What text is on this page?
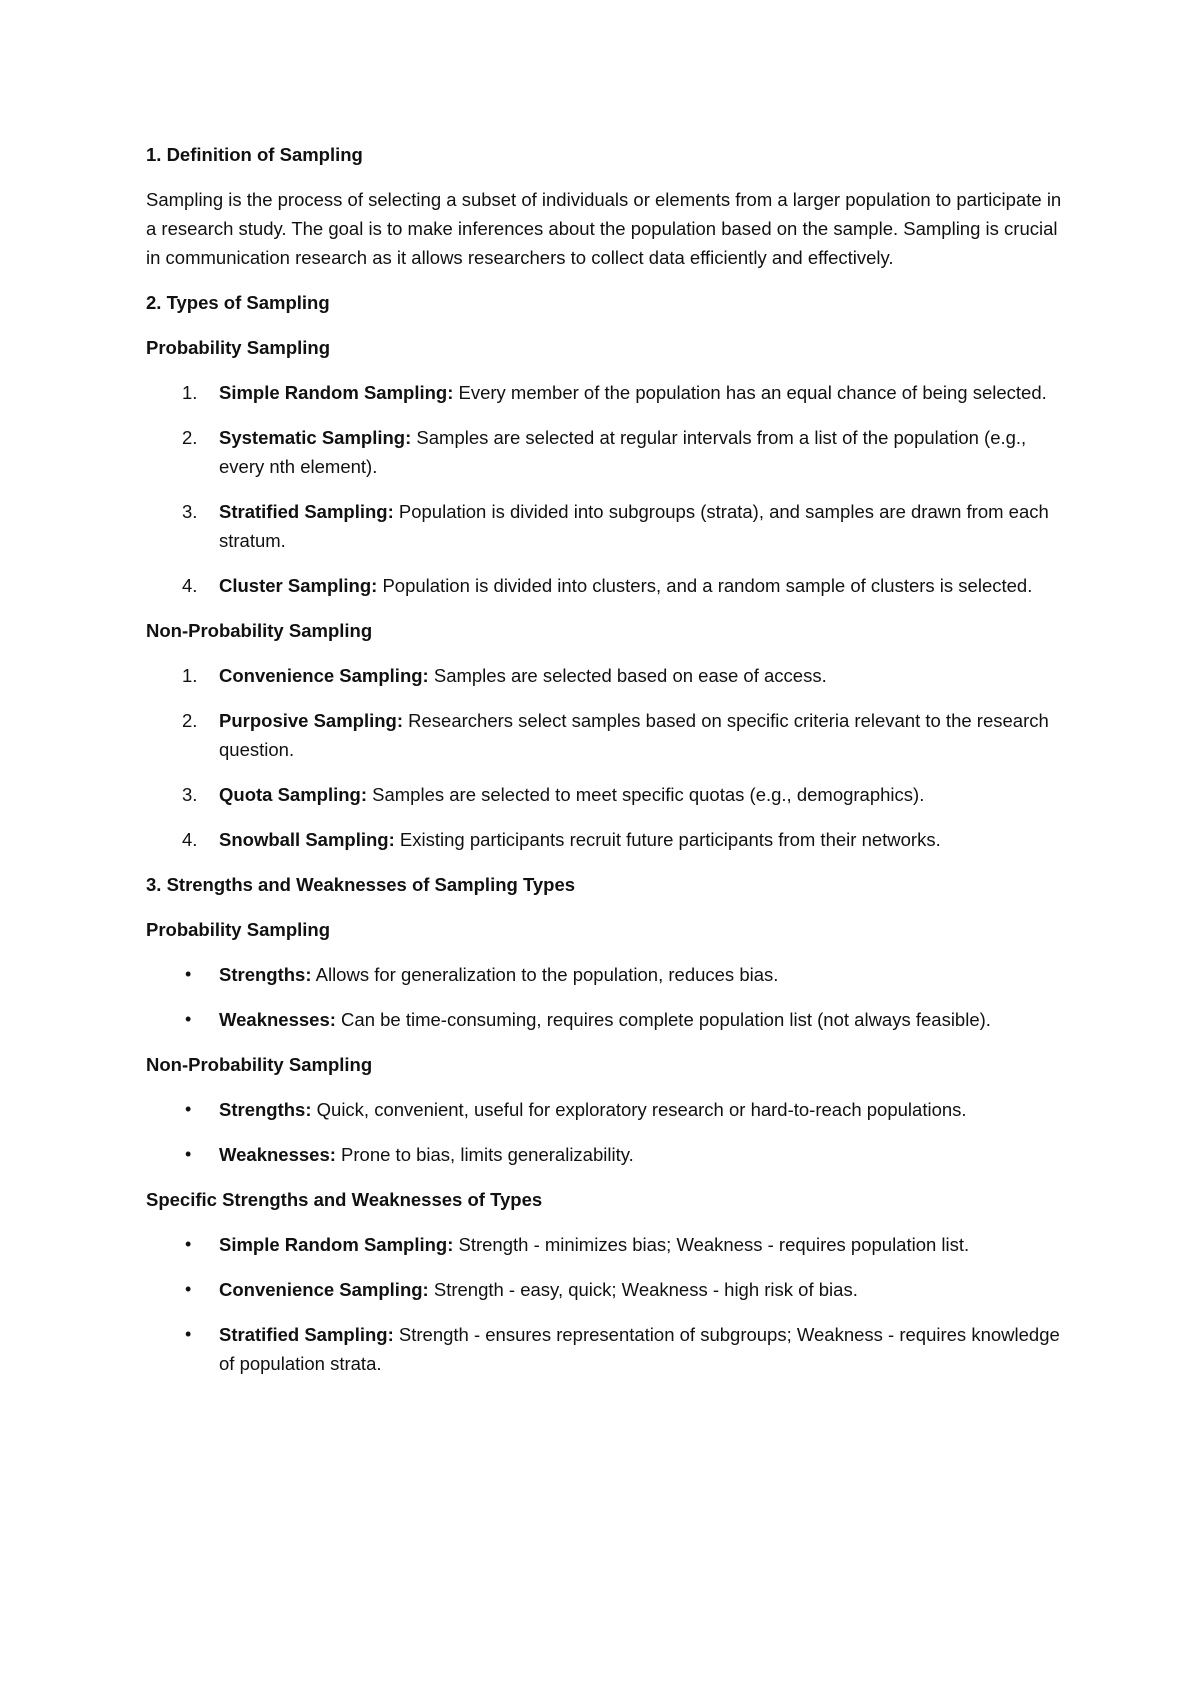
1. Definition of Sampling
Sampling is the process of selecting a subset of individuals or elements from a larger population to participate in a research study. The goal is to make inferences about the population based on the sample. Sampling is crucial in communication research as it allows researchers to collect data efficiently and effectively.
2. Types of Sampling
Probability Sampling
1. Simple Random Sampling: Every member of the population has an equal chance of being selected.
2. Systematic Sampling: Samples are selected at regular intervals from a list of the population (e.g., every nth element).
3. Stratified Sampling: Population is divided into subgroups (strata), and samples are drawn from each stratum.
4. Cluster Sampling: Population is divided into clusters, and a random sample of clusters is selected.
Non-Probability Sampling
1. Convenience Sampling: Samples are selected based on ease of access.
2. Purposive Sampling: Researchers select samples based on specific criteria relevant to the research question.
3. Quota Sampling: Samples are selected to meet specific quotas (e.g., demographics).
4. Snowball Sampling: Existing participants recruit future participants from their networks.
3. Strengths and Weaknesses of Sampling Types
Probability Sampling
• Strengths: Allows for generalization to the population, reduces bias.
• Weaknesses: Can be time-consuming, requires complete population list (not always feasible).
Non-Probability Sampling
• Strengths: Quick, convenient, useful for exploratory research or hard-to-reach populations.
• Weaknesses: Prone to bias, limits generalizability.
Specific Strengths and Weaknesses of Types
• Simple Random Sampling: Strength - minimizes bias; Weakness - requires population list.
• Convenience Sampling: Strength - easy, quick; Weakness - high risk of bias.
• Stratified Sampling: Strength - ensures representation of subgroups; Weakness - requires knowledge of population strata.
